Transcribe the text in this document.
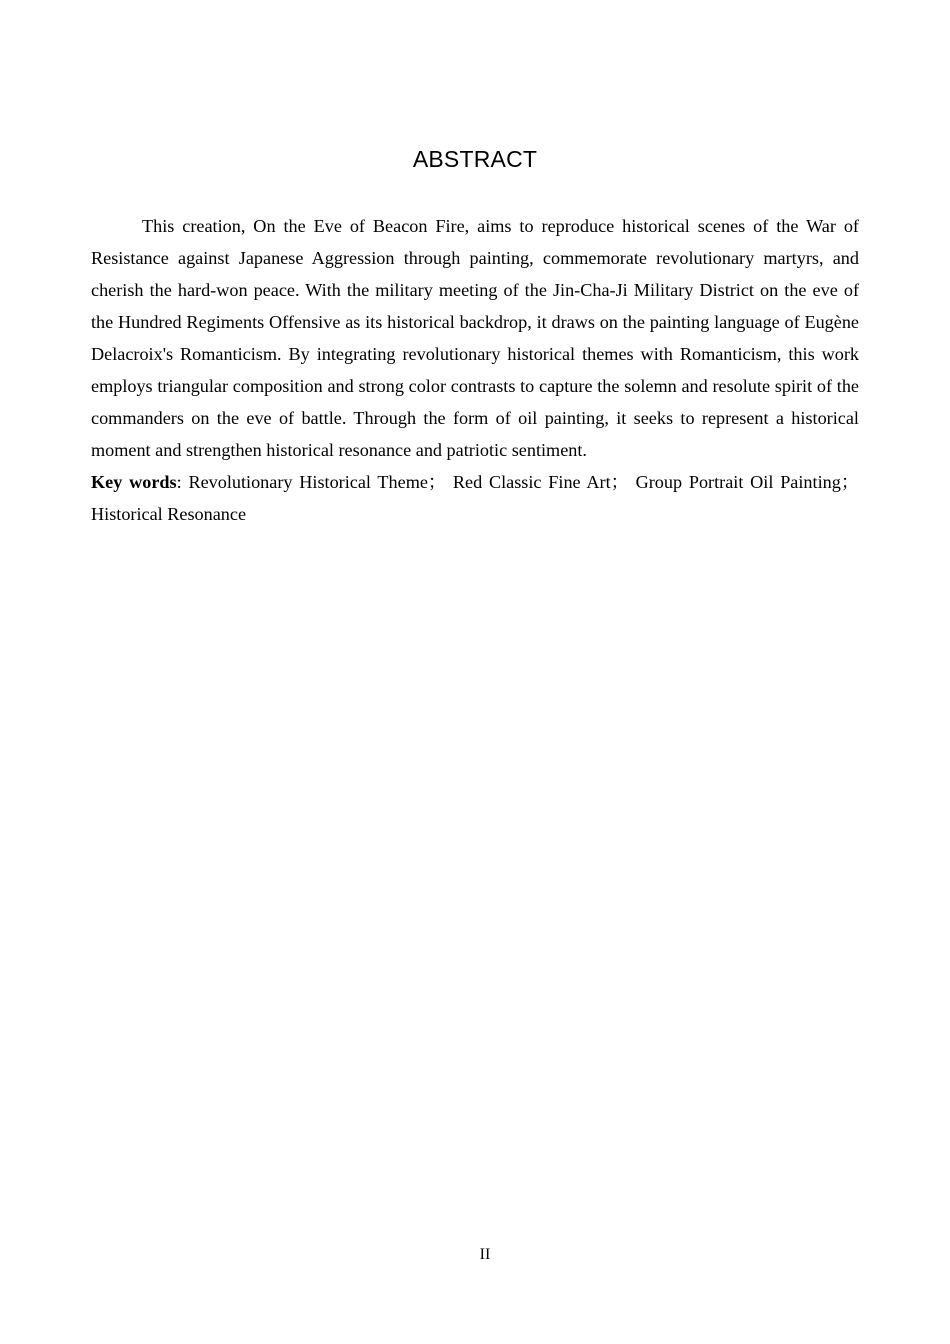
ABSTRACT

This creation, On the Eve of Beacon Fire, aims to reproduce historical scenes of the War of Resistance against Japanese Aggression through painting, commemorate revolutionary martyrs, and cherish the hard-won peace. With the military meeting of the Jin-Cha-Ji Military District on the eve of the Hundred Regiments Offensive as its historical backdrop, it draws on the painting language of Eugène Delacroix's Romanticism. By integrating revolutionary historical themes with Romanticism, this work employs triangular composition and strong color contrasts to capture the solemn and resolute spirit of the commanders on the eve of battle. Through the form of oil painting, it seeks to represent a historical moment and strengthen historical resonance and patriotic sentiment.

Key words: Revolutionary Historical Theme； Red Classic Fine Art； Group Portrait Oil Painting； Historical Resonance

II
